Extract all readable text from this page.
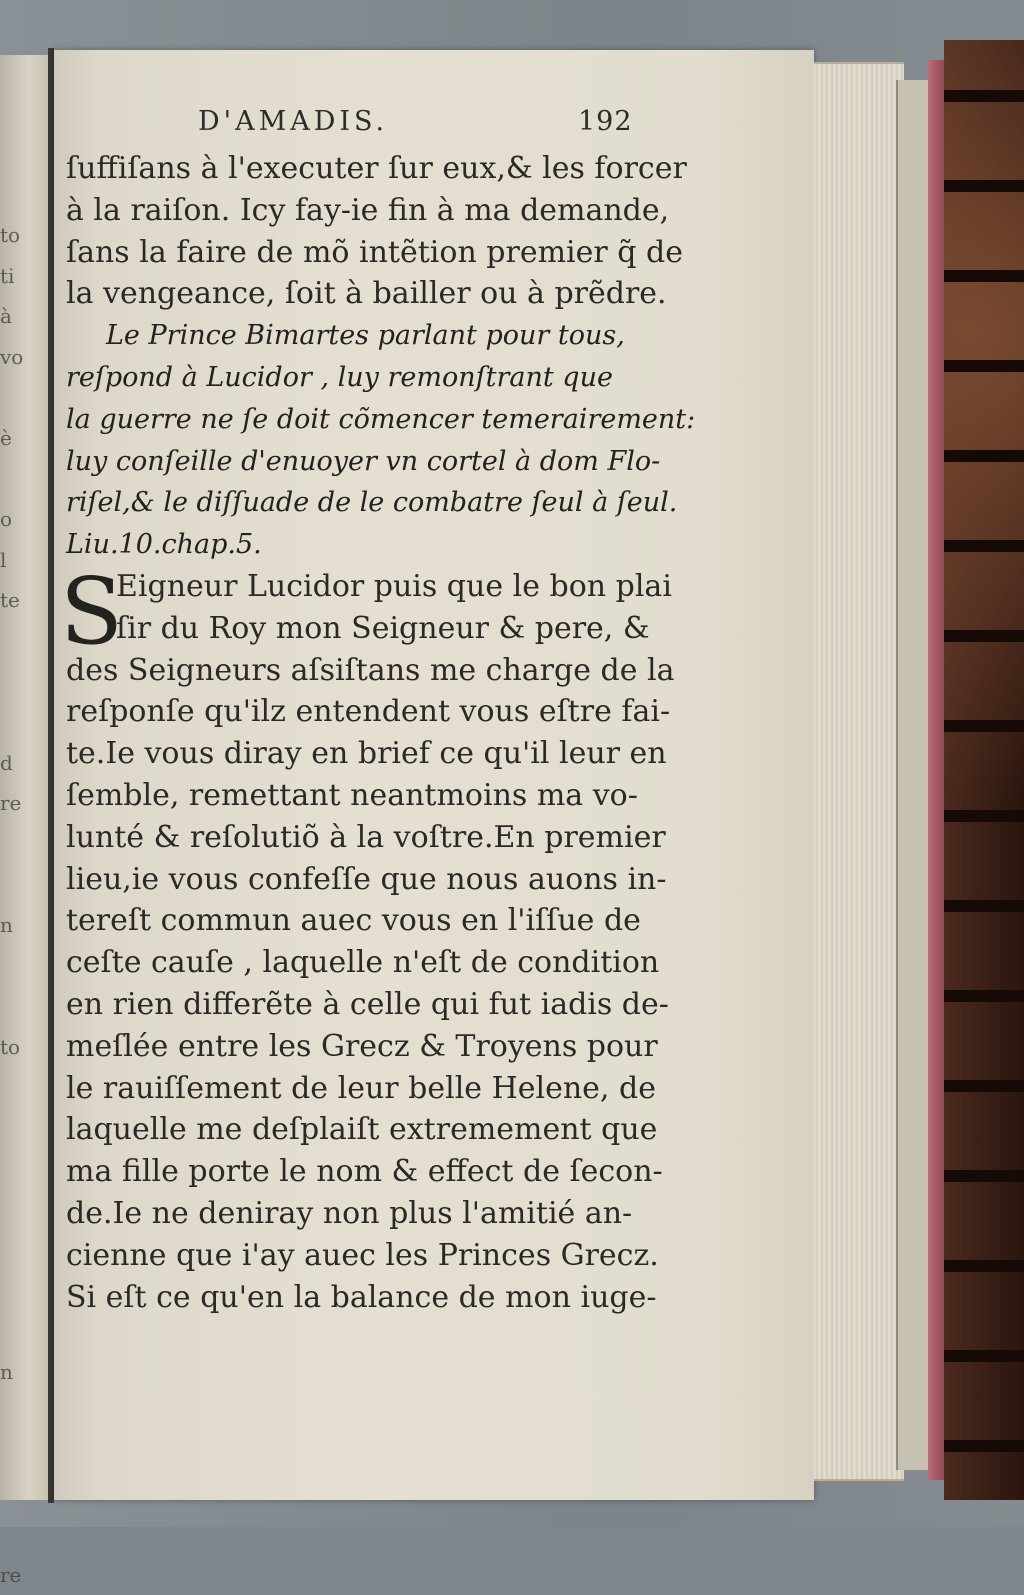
to
ti
à
vo
è
o
l
te
d
re
n
to
n
re
D'AMADIS.	192
ſuffiſans à l'executer ſur eux,& les forcer
à la raiſon. Icy fay-ie fin à ma demande,
ſans la faire de mõ intẽtion premier q̃ de
la vengeance, ſoit à bailler ou à prẽdre.
Le Prince Bimartes parlant pour tous,
reſpond à Lucidor , luy remonſtrant que
la guerre ne ſe doit cõmencer temerairement:
luy conſeille d'enuoyer vn cortel à dom Flo-
riſel,& le diſſuade de le combatre ſeul à ſeul.
Liu.10.chap.5.
S
Eigneur Lucidor puis que le bon plai
ſir du Roy mon Seigneur & pere, &
des Seigneurs aſsiſtans me charge de la
reſponſe qu'ilz entendent vous eſtre fai-
te.Ie vous diray en brief ce qu'il leur en
ſemble, remettant neantmoins ma vo-
lunté & reſolutiõ à la voſtre.En premier
lieu,ie vous confeſſe que nous auons in-
tereſt commun auec vous en l'iſſue de
ceſte cauſe , laquelle n'eſt de condition
en rien differẽte à celle qui fut iadis de-
meſlée entre les Grecz & Troyens pour
le rauiſſement de leur belle Helene, de
laquelle me deſplaiſt extremement que
ma fille porte le nom & effect de ſecon-
de.Ie ne deniray non plus l'amitié an-
cienne que i'ay auec les Princes Grecz.
Si eſt ce qu'en la balance de mon iuge-
